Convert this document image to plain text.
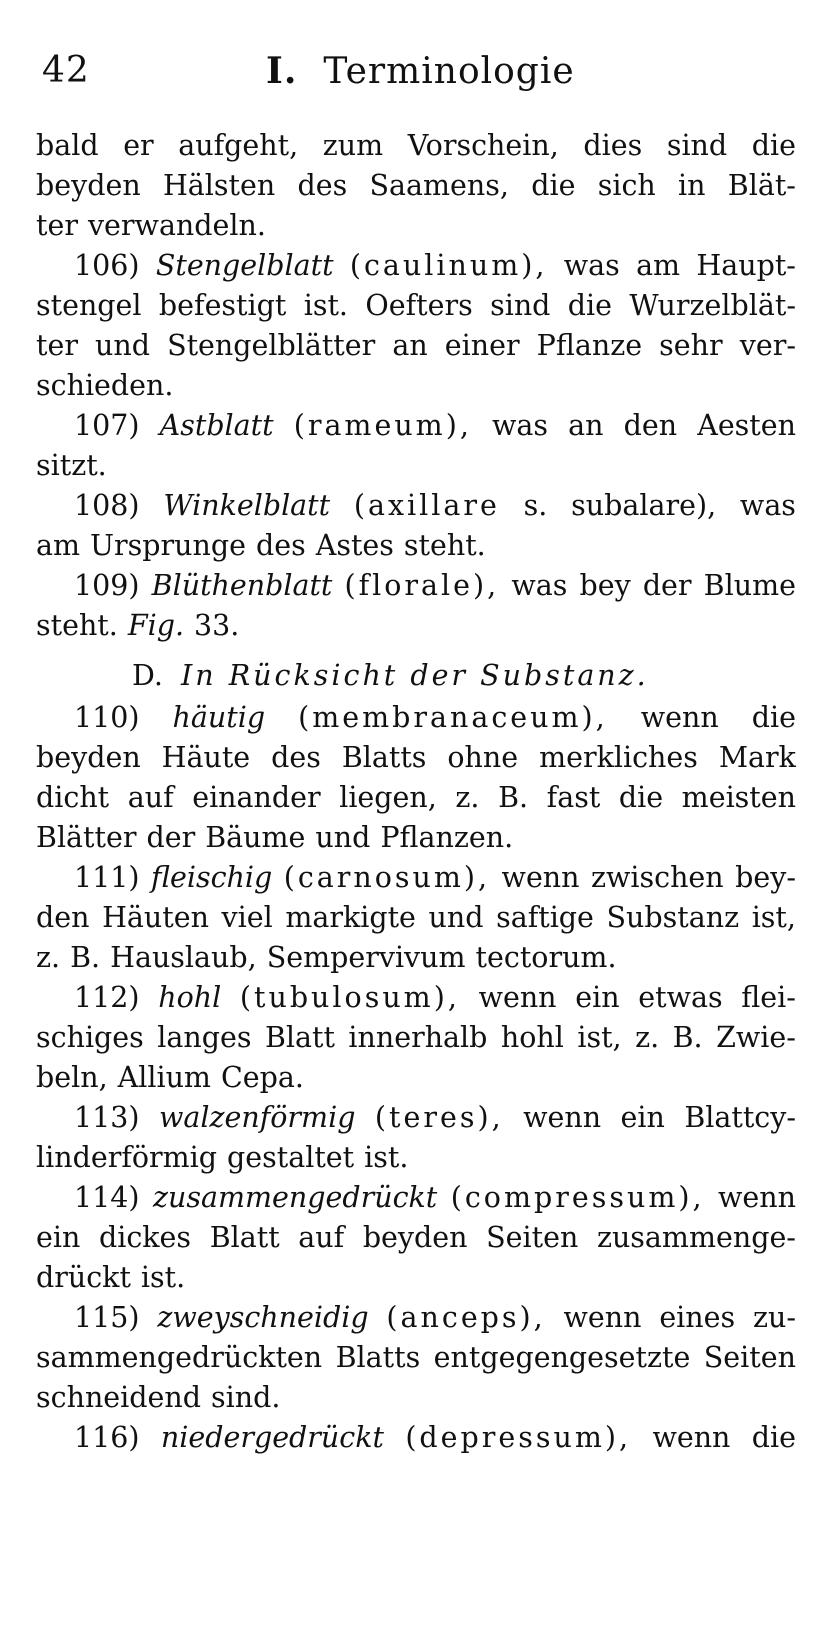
42	I. Terminologie
bald er aufgeht, zum Vorschein, dies sind die
beyden Hälsten des Saamens, die sich in Blät-
ter verwandeln.
106) Stengelblatt (caulinum), was am Haupt-
stengel befestigt ist. Oefters sind die Wurzelblät-
ter und Stengelblätter an einer Pflanze sehr ver-
schieden.
107) Astblatt (rameum), was an den Aesten
sitzt.
108) Winkelblatt (axillare s. subalare), was
am Ursprunge des Astes steht.
109) Blüthenblatt (florale), was bey der Blume
steht. Fig. 33.
D. In Rücksicht der Substanz.
110) häutig (membranaceum), wenn die
beyden Häute des Blatts ohne merkliches Mark
dicht auf einander liegen, z. B. fast die meisten
Blätter der Bäume und Pflanzen.
111) fleischig (carnosum), wenn zwischen bey-
den Häuten viel markigte und saftige Substanz ist,
z. B. Hauslaub, Sempervivum tectorum.
112) hohl (tubulosum), wenn ein etwas flei-
schiges langes Blatt innerhalb hohl ist, z. B. Zwie-
beln, Allium Cepa.
113) walzenförmig (teres), wenn ein Blattcy-
linderförmig gestaltet ist.
114) zusammengedrückt (compressum), wenn
ein dickes Blatt auf beyden Seiten zusammenge-
drückt ist.
115) zweyschneidig (anceps), wenn eines zu-
sammengedrückten Blatts entgegengesetzte Seiten
schneidend sind.
116) niedergedrückt (depressum), wenn die
